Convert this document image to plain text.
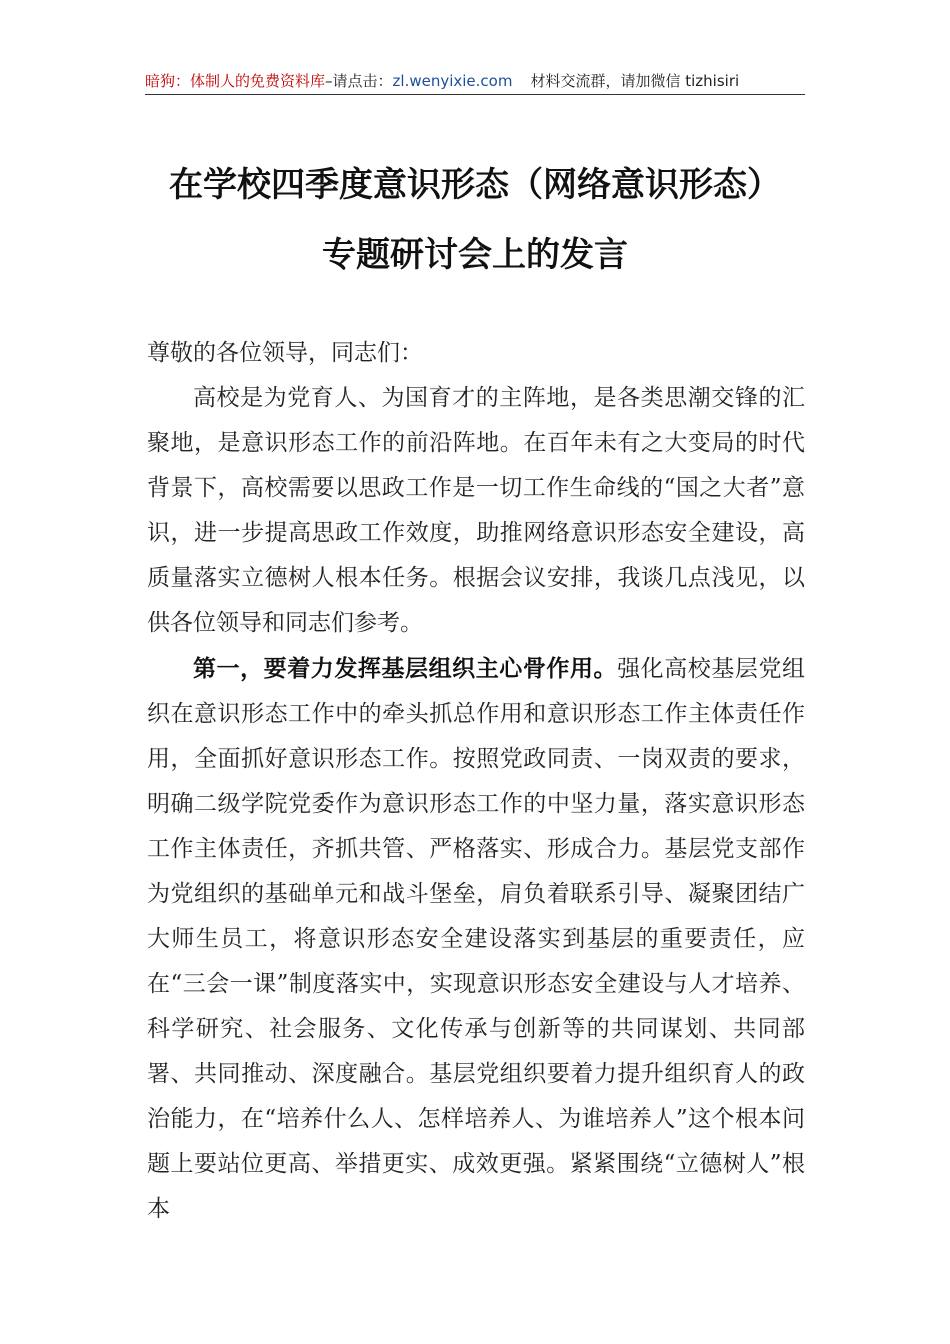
暗狗：体制人的免费资料库–请点击：zl.wenyixie.com 材料交流群，请加微信 tizhisiri
在学校四季度意识形态（网络意识形态）
专题研讨会上的发言

尊敬的各位领导，同志们：

高校是为党育人、为国育才的主阵地，是各类思潮交锋的汇聚地，是意识形态工作的前沿阵地。在百年未有之大变局的时代背景下，高校需要以思政工作是一切工作生命线的“国之大者”意识，进一步提高思政工作效度，助推网络意识形态安全建设，高质量落实立德树人根本任务。根据会议安排，我谈几点浅见，以供各位领导和同志们参考。

第一，要着力发挥基层组织主心骨作用。强化高校基层党组织在意识形态工作中的牵头抓总作用和意识形态工作主体责任作用，全面抓好意识形态工作。按照党政同责、一岗双责的要求，明确二级学院党委作为意识形态工作的中坚力量，落实意识形态工作主体责任，齐抓共管、严格落实、形成合力。基层党支部作为党组织的基础单元和战斗堡垒，肩负着联系引导、凝聚团结广大师生员工，将意识形态安全建设落实到基层的重要责任，应在“三会一课”制度落实中，实现意识形态安全建设与人才培养、科学研究、社会服务、文化传承与创新等的共同谋划、共同部署、共同推动、深度融合。基层党组织要着力提升组织育人的政治能力，在“培养什么人、怎样培养人、为谁培养人”这个根本问题上要站位更高、举措更实、成效更强。紧紧围绕“立德树人”根本
